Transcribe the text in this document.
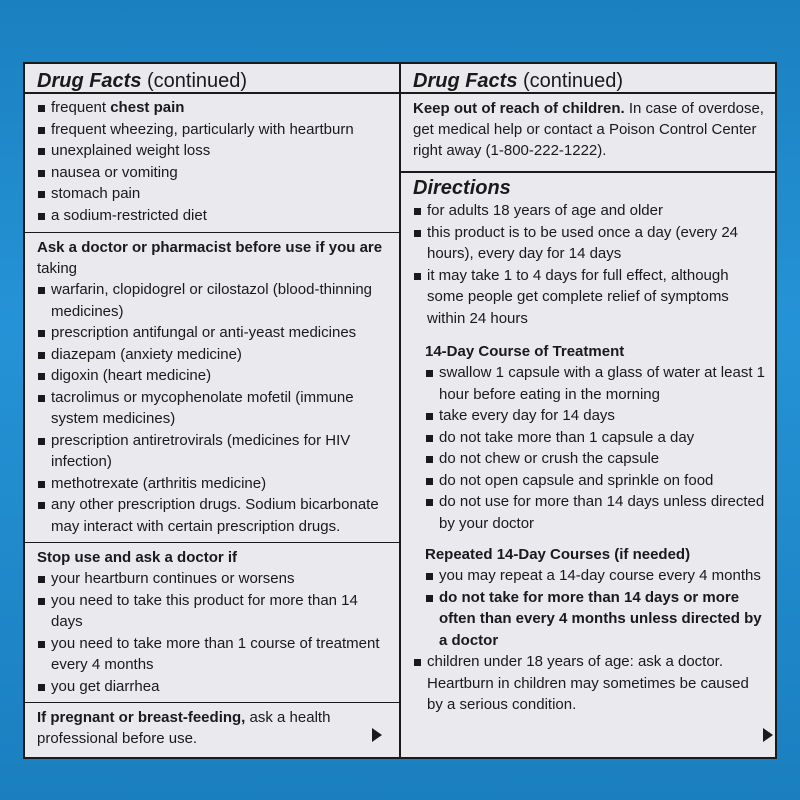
Drug Facts (continued)
frequent chest pain
frequent wheezing, particularly with heartburn
unexplained weight loss
nausea or vomiting
stomach pain
a sodium-restricted diet
Ask a doctor or pharmacist before use if you are
taking
warfarin, clopidogrel or cilostazol (blood-thinning medicines)
prescription antifungal or anti-yeast medicines
diazepam (anxiety medicine)
digoxin (heart medicine)
tacrolimus or mycophenolate mofetil (immune system medicines)
prescription antiretrovirals (medicines for HIV infection)
methotrexate (arthritis medicine)
any other prescription drugs. Sodium bicarbonate may interact with certain prescription drugs.
Stop use and ask a doctor if
your heartburn continues or worsens
you need to take this product for more than 14 days
you need to take more than 1 course of treatment every 4 months
you get diarrhea
If pregnant or breast-feeding, ask a health professional before use.
Drug Facts (continued)
Keep out of reach of children. In case of overdose, get medical help or contact a Poison Control Center right away (1-800-222-1222).
Directions
for adults 18 years of age and older
this product is to be used once a day (every 24 hours), every day for 14 days
it may take 1 to 4 days for full effect, although some people get complete relief of symptoms within 24 hours
14-Day Course of Treatment
swallow 1 capsule with a glass of water at least 1 hour before eating in the morning
take every day for 14 days
do not take more than 1 capsule a day
do not chew or crush the capsule
do not open capsule and sprinkle on food
do not use for more than 14 days unless directed by your doctor
Repeated 14-Day Courses (if needed)
you may repeat a 14-day course every 4 months
do not take for more than 14 days or more often than every 4 months unless directed by a doctor
children under 18 years of age: ask a doctor. Heartburn in children may sometimes be caused by a serious condition.
